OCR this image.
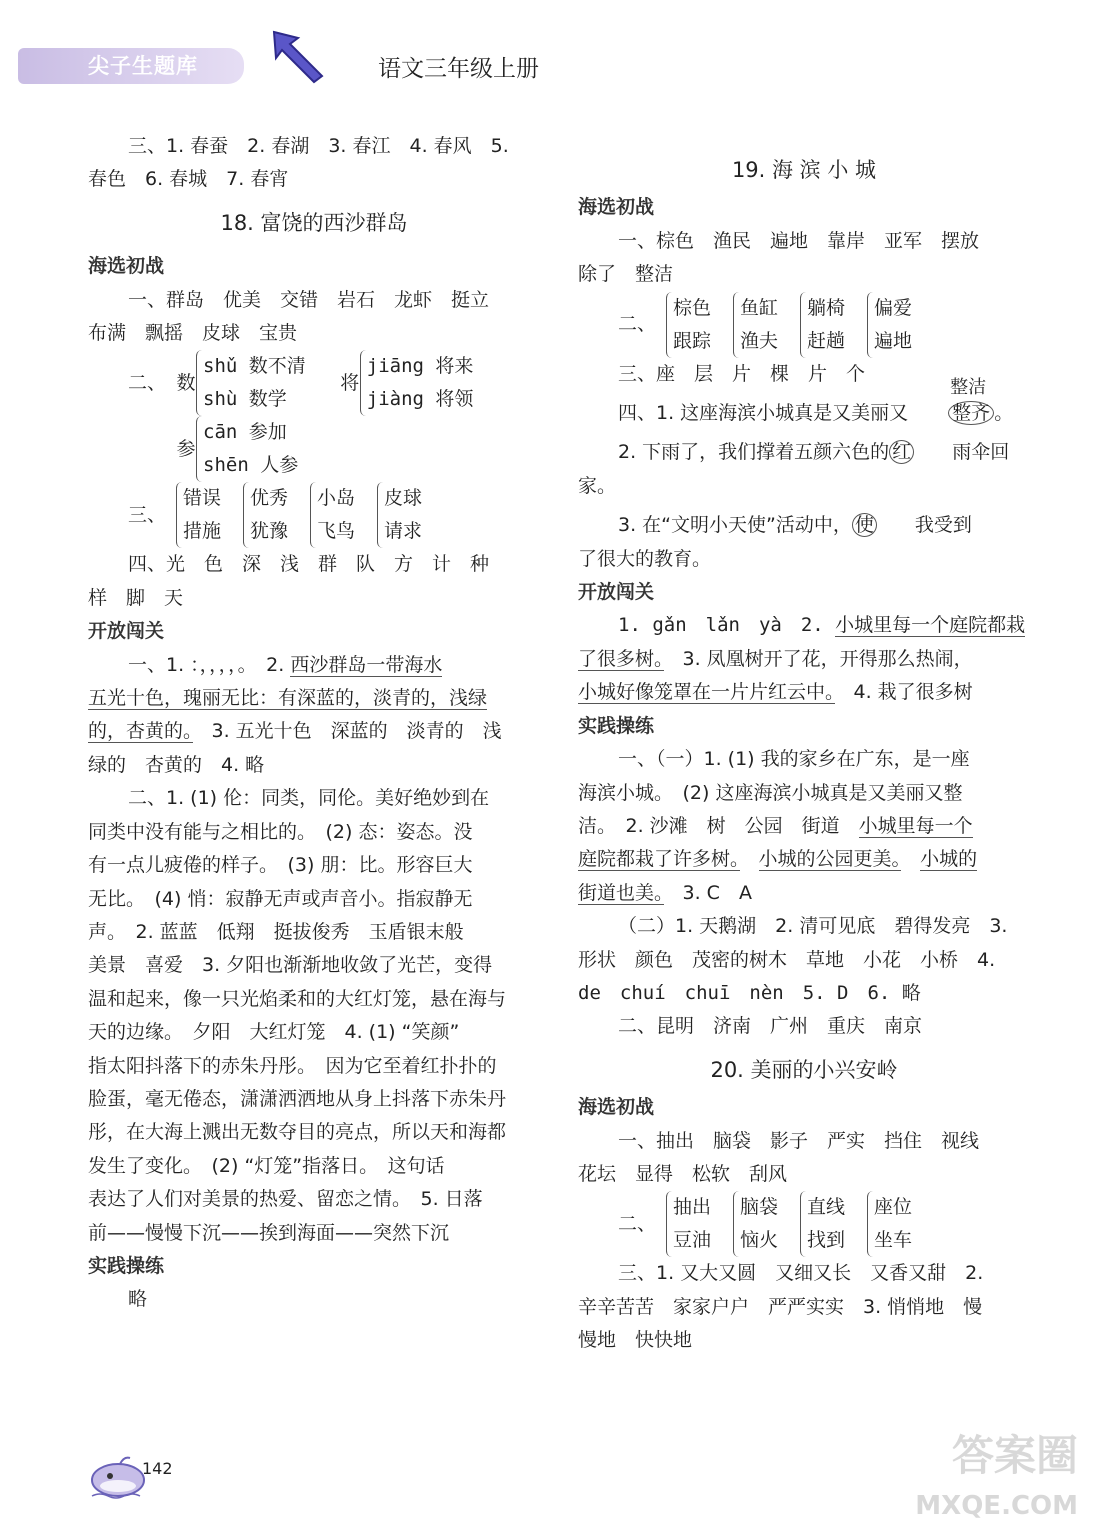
尖子生题库	语文三年级上册

三、1. 春蚕　2. 春湖　3. 春江　4. 春风　5.

春色　6. 春城　7. 春宵

18. 富饶的西沙群岛

海选初战

一、群岛　优美　交错　岩石　龙虾　挺立

布满　飘摇　皮球　宝贵

二、 数
shǔ 数不清
shù 数学
将
jiāng 将来
jiàng 将领
参
cān 参加
shēn 人参
三、
错误
措施
优秀
犹豫
小岛
飞鸟
皮球
请求

四、光　色　深　浅　群　队　方　计　种

样　脚　天

开放闯关

一、1. ：，，，，。　2. 西沙群岛一带海水

五光十色，瑰丽无比：有深蓝的，淡青的，浅绿

的，杏黄的。　3. 五光十色　深蓝的　淡青的　浅

绿的　杏黄的　4. 略

二、1. (1) 伦：同类，同伦。美好绝妙到在

同类中没有能与之相比的。　(2) 态：姿态。没

有一点儿疲倦的样子。　(3) 朋：比。形容巨大

无比。　(4) 悄：寂静无声或声音小。指寂静无

声。　2. 蓝蓝　低翔　挺拔俊秀　玉盾银末般

美景　喜爱　3. 夕阳也渐渐地收敛了光芒，变得

温和起来，像一只光焰柔和的大红灯笼，悬在海与

天的边缘。　夕阳　大红灯笼　4. (1) “笑颜”

指太阳抖落下的赤朱丹彤。　因为它至着红扑扑的

脸蛋，毫无倦态，潇潇洒洒地从身上抖落下赤朱丹

彤，在大海上溅出无数夺目的亮点，所以天和海都

发生了变化。　(2) “灯笼”指落日。　这句话

表达了人们对美景的热爱、留恋之情。　5. 日落

前——慢慢下沉——挨到海面——突然下沉

实践操练

略

19. 海 滨 小 城

海选初战

一、棕色　渔民　遍地　靠岸　亚军　摆放

除了　整洁

二、
棕色
跟踪
鱼缸
渔夫
躺椅
赶趟
偏爱
遍地

三、座　层　片　棵　片　个

四、1. 这座海滨小城真是又美丽又
整洁
整齐 。

2. 下雨了，我们撑着五颜六色的 红　　雨伞回

家。

3. 在“文明小天使”活动中， 使　　我受到

了很大的教育。

开放闯关

1. gǎn　lǎn　yà　2. 小城里每一个庭院都栽

了很多树。　3. 凤凰树开了花，开得那么热闹，

小城好像笼罩在一片片红云中。　4. 栽了很多树

实践操练

一、（一）1. (1) 我的家乡在广东，是一座

海滨小城。　(2) 这座海滨小城真是又美丽又整

洁。　2. 沙滩　树　公园　街道　小城里每一个

庭院都栽了许多树。　 小城的公园更美。　 小城的

街道也美。　3. C　A

（二）1. 天鹅湖　2. 清可见底　碧得发亮　3.

形状　颜色　茂密的树木　草地　小花　小桥　4.

de　chuí　chuī　nèn　5. D　6. 略

二、昆明　济南　广州　重庆　南京

20. 美丽的小兴安岭

海选初战

一、抽出　脑袋　影子　严实　挡住　视线

花坛　显得　松软　刮风

二、
抽出
豆油
脑袋
恼火
直线
找到
座位
坐车

三、1. 又大又圆　又细又长　又香又甜　2.

辛辛苦苦　家家户户　严严实实　3. 悄悄地　慢

慢地　快快地

142	答案圈
MXQE.COM
